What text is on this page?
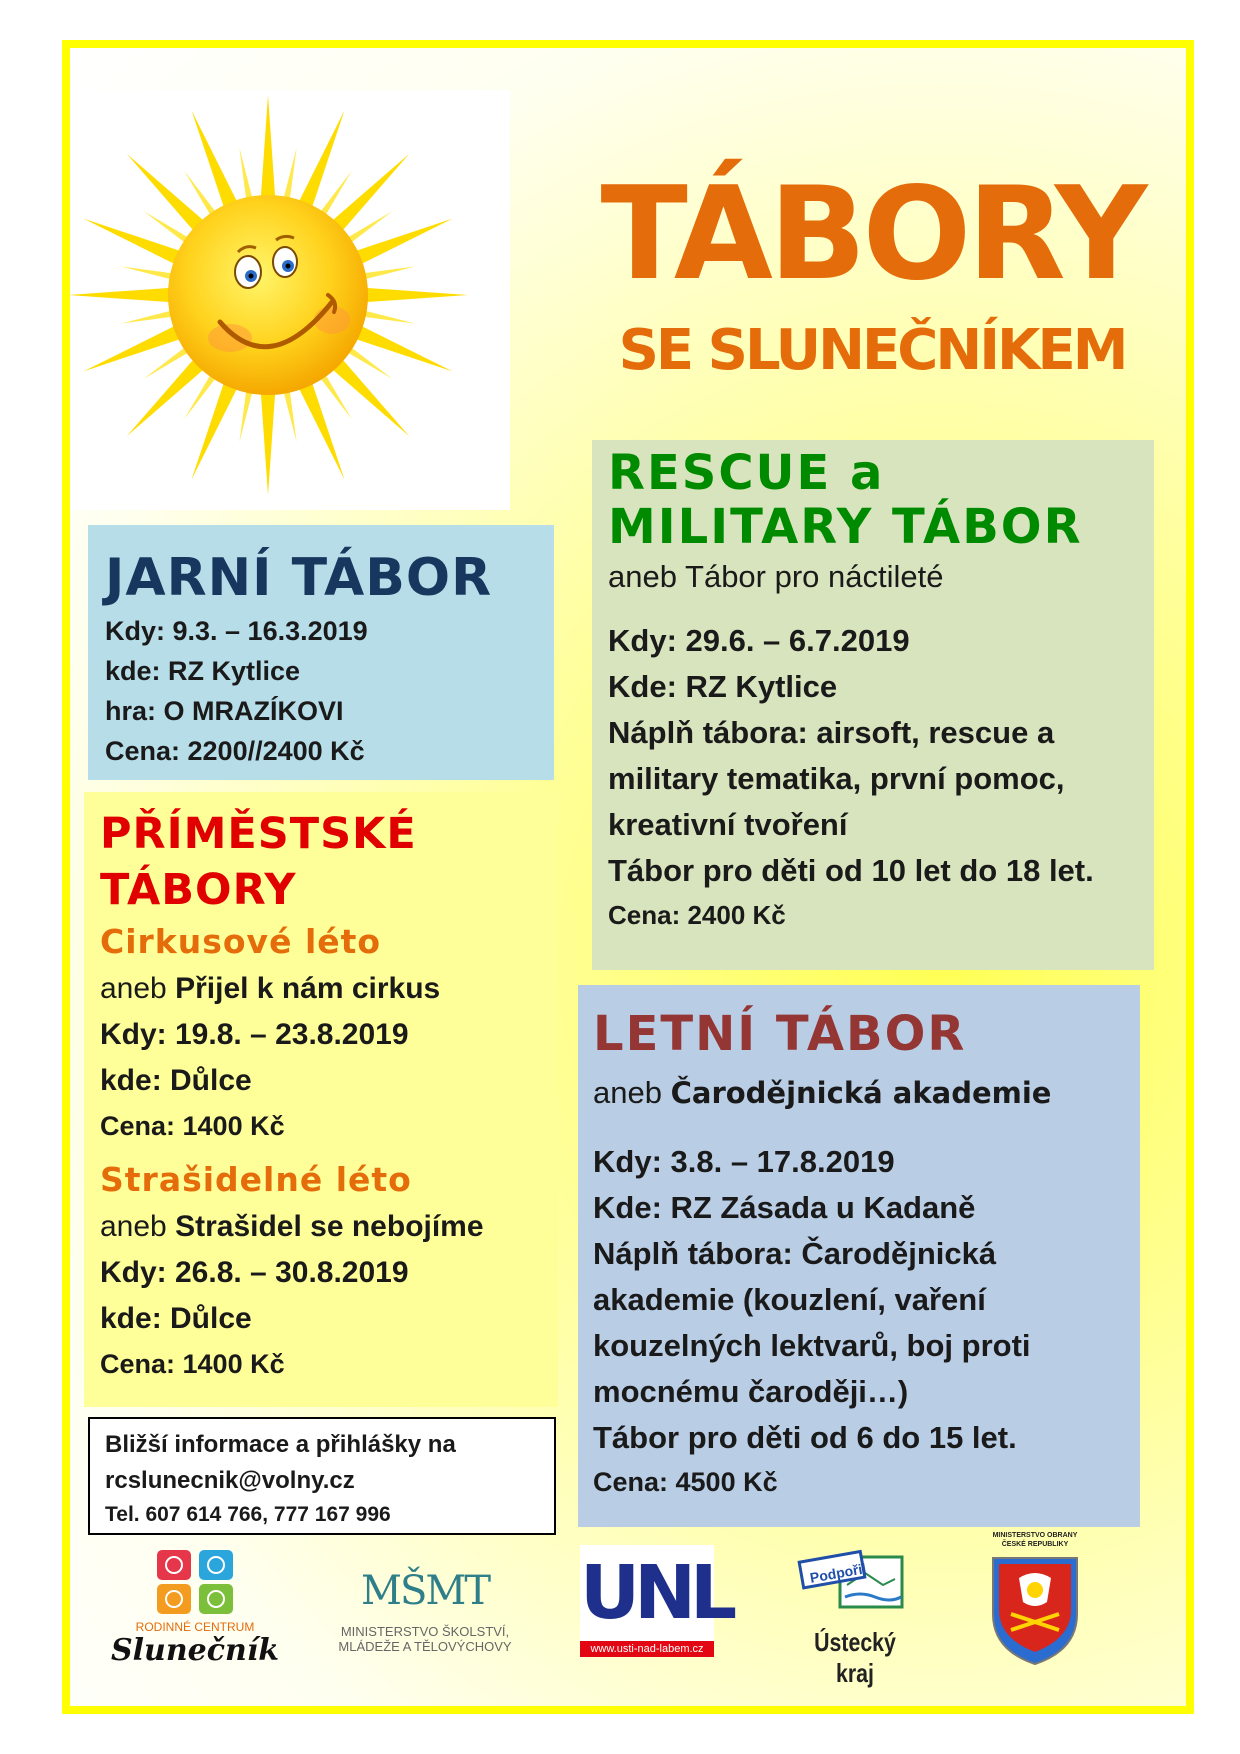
TÁBORY
SE SLUNEČNÍKEM
JARNÍ TÁBOR
Kdy: 9.3. – 16.3.2019
kde: RZ Kytlice
hra: O MRAZÍKOVI
Cena: 2200//2400 Kč
PŘÍMĚSTSKÉ
TÁBORY
Cirkusové léto
aneb Přijel k nám cirkus
Kdy: 19.8. – 23.8.2019
kde: Důlce
Cena: 1400 Kč
Strašidelné léto
aneb Strašidel se nebojíme
Kdy: 26.8. – 30.8.2019
kde: Důlce
Cena: 1400 Kč
Bližší informace a přihlášky na
rcslunecnik@volny.cz
Tel. 607 614 766, 777 167 996
RESCUE a
MILITARY TÁBOR
aneb Tábor pro náctileté
Kdy: 29.6. – 6.7.2019
Kde: RZ Kytlice
Náplň tábora: airsoft, rescue a
military tematika, první pomoc,
kreativní tvoření
Tábor pro děti od 10 let do 18 let.
Cena: 2400 Kč
LETNÍ TÁBOR
aneb Čarodějnická akademie
Kdy: 3.8. – 17.8.2019
Kde: RZ Zásada u Kadaně
Náplň tábora: Čarodějnická
akademie (kouzlení, vaření
kouzelných lektvarů, boj proti
mocnému čaroději…)
Tábor pro děti od 6 do 15 let.
Cena: 4500 Kč
RODINNÉ CENTRUM
Slunečník
MŠMT
MINISTERSTVO ŠKOLSTVÍ,
MLÁDEŽE A TĚLOVÝCHOVY
UNL
www.usti-nad-labem.cz
Podpořil
Ústecký kraj
MINISTERSTVO OBRANY
ČESKÉ REPUBLIKY
